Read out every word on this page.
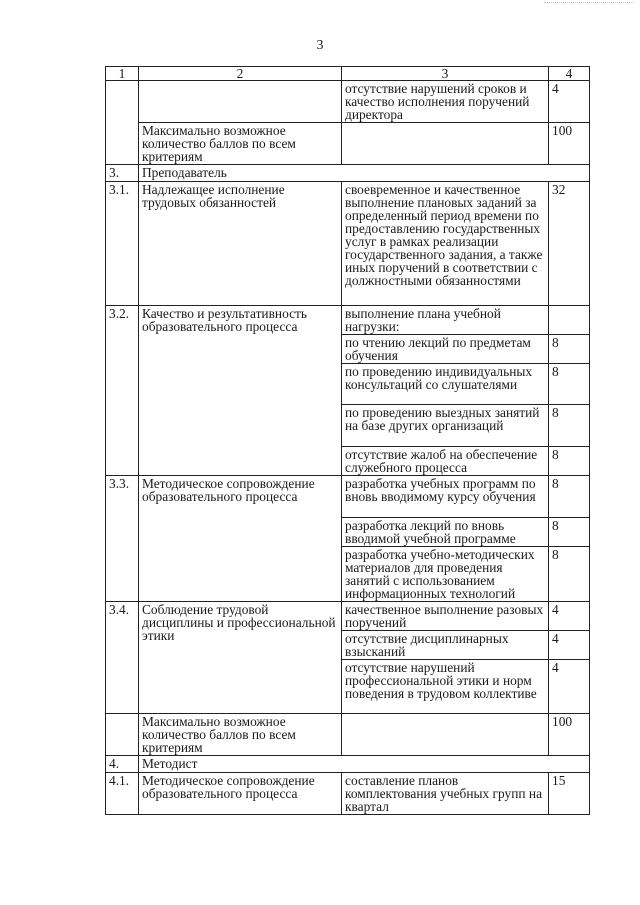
3
1	2	3	4
		отсутствие нарушений сроков и качество исполнения поручений директора	4
	Максимально возможное количество баллов по всем критериям		100
3.	Преподаватель		
3.1.	Надлежащее исполнение трудовых обязанностей	своевременное и качественное выполнение плановых заданий за определенный период времени по предоставлению государственных услуг в рамках реализации государственного задания, а также иных поручений в соответствии с должностными обязанностями	32
3.2.	Качество и результативность образовательного процесса	выполнение плана учебной нагрузки:	
		по чтению лекций по предметам обучения	8
		по проведению индивидуальных консультаций со слушателями	8
		по проведению выездных занятий на базе других организаций	8
		отсутствие жалоб на обеспечение служебного процесса	8
3.3.	Методическое сопровождение образовательного процесса	разработка учебных программ по вновь вводимому курсу обучения	8
		разработка лекций по вновь вводимой учебной программе	8
		разработка учебно-методических материалов для проведения занятий с использованием информационных технологий	8
3.4.	Соблюдение трудовой дисциплины и профессиональной этики	качественное выполнение разовых поручений	4
		отсутствие дисциплинарных взысканий	4
		отсутствие нарушений профессиональной этики и норм поведения в трудовом коллективе	4
	Максимально возможное количество баллов по всем критериям		100
4.	Методист		
4.1.	Методическое сопровождение образовательного процесса	составление планов комплектования учебных групп на квартал	15
